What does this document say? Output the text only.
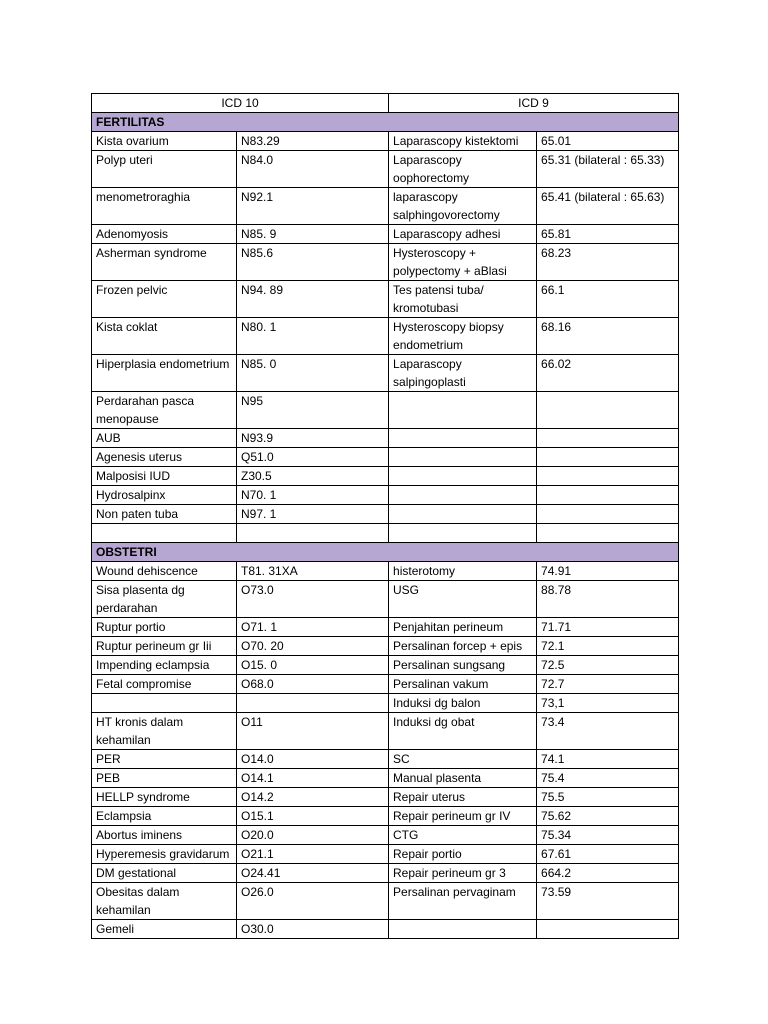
ICD 10		ICD 9	
FERTILITAS			
Kista ovarium	N83.29	Laparascopy kistektomi	65.01
Polyp uteri	N84.0	Laparascopy oophorectomy	65.31 (bilateral : 65.33)
menometroraghia	N92.1	laparascopy salphingovorectomy	65.41 (bilateral : 65.63)
Adenomyosis	N85. 9	Laparascopy adhesi	65.81
Asherman syndrome	N85.6	Hysteroscopy + polypectomy + aBlasi	68.23
Frozen pelvic	N94. 89	Tes patensi tuba/ kromotubasi	66.1
Kista coklat	N80. 1	Hysteroscopy biopsy endometrium	68.16
Hiperplasia endometrium	N85. 0	Laparascopy salpingoplasti	66.02
Perdarahan pasca menopause	N95		
AUB	N93.9		
Agenesis uterus	Q51.0		
Malposisi IUD	Z30.5		
Hydrosalpinx	N70. 1		
Non paten tuba	N97. 1		

OBSTETRI			
Wound dehiscence	T81. 31XA	histerotomy	74.91
Sisa plasenta dg perdarahan	O73.0	USG	88.78
Ruptur portio	O71. 1	Penjahitan perineum	71.71
Ruptur perineum gr Iii	O70. 20	Persalinan forcep + epis	72.1
Impending eclampsia	O15. 0	Persalinan sungsang	72.5
Fetal compromise	O68.0	Persalinan vakum	72.7
		Induksi dg balon	73,1
HT kronis dalam kehamilan	O11	Induksi dg obat	73.4
PER	O14.0	SC	74.1
PEB	O14.1	Manual plasenta	75.4
HELLP syndrome	O14.2	Repair uterus	75.5
Eclampsia	O15.1	Repair perineum gr IV	75.62
Abortus iminens	O20.0	CTG	75.34
Hyperemesis gravidarum	O21.1	Repair portio	67.61
DM gestational	O24.41	Repair perineum gr 3	664.2
Obesitas dalam kehamilan	O26.0	Persalinan pervaginam	73.59
Gemeli	O30.0		
